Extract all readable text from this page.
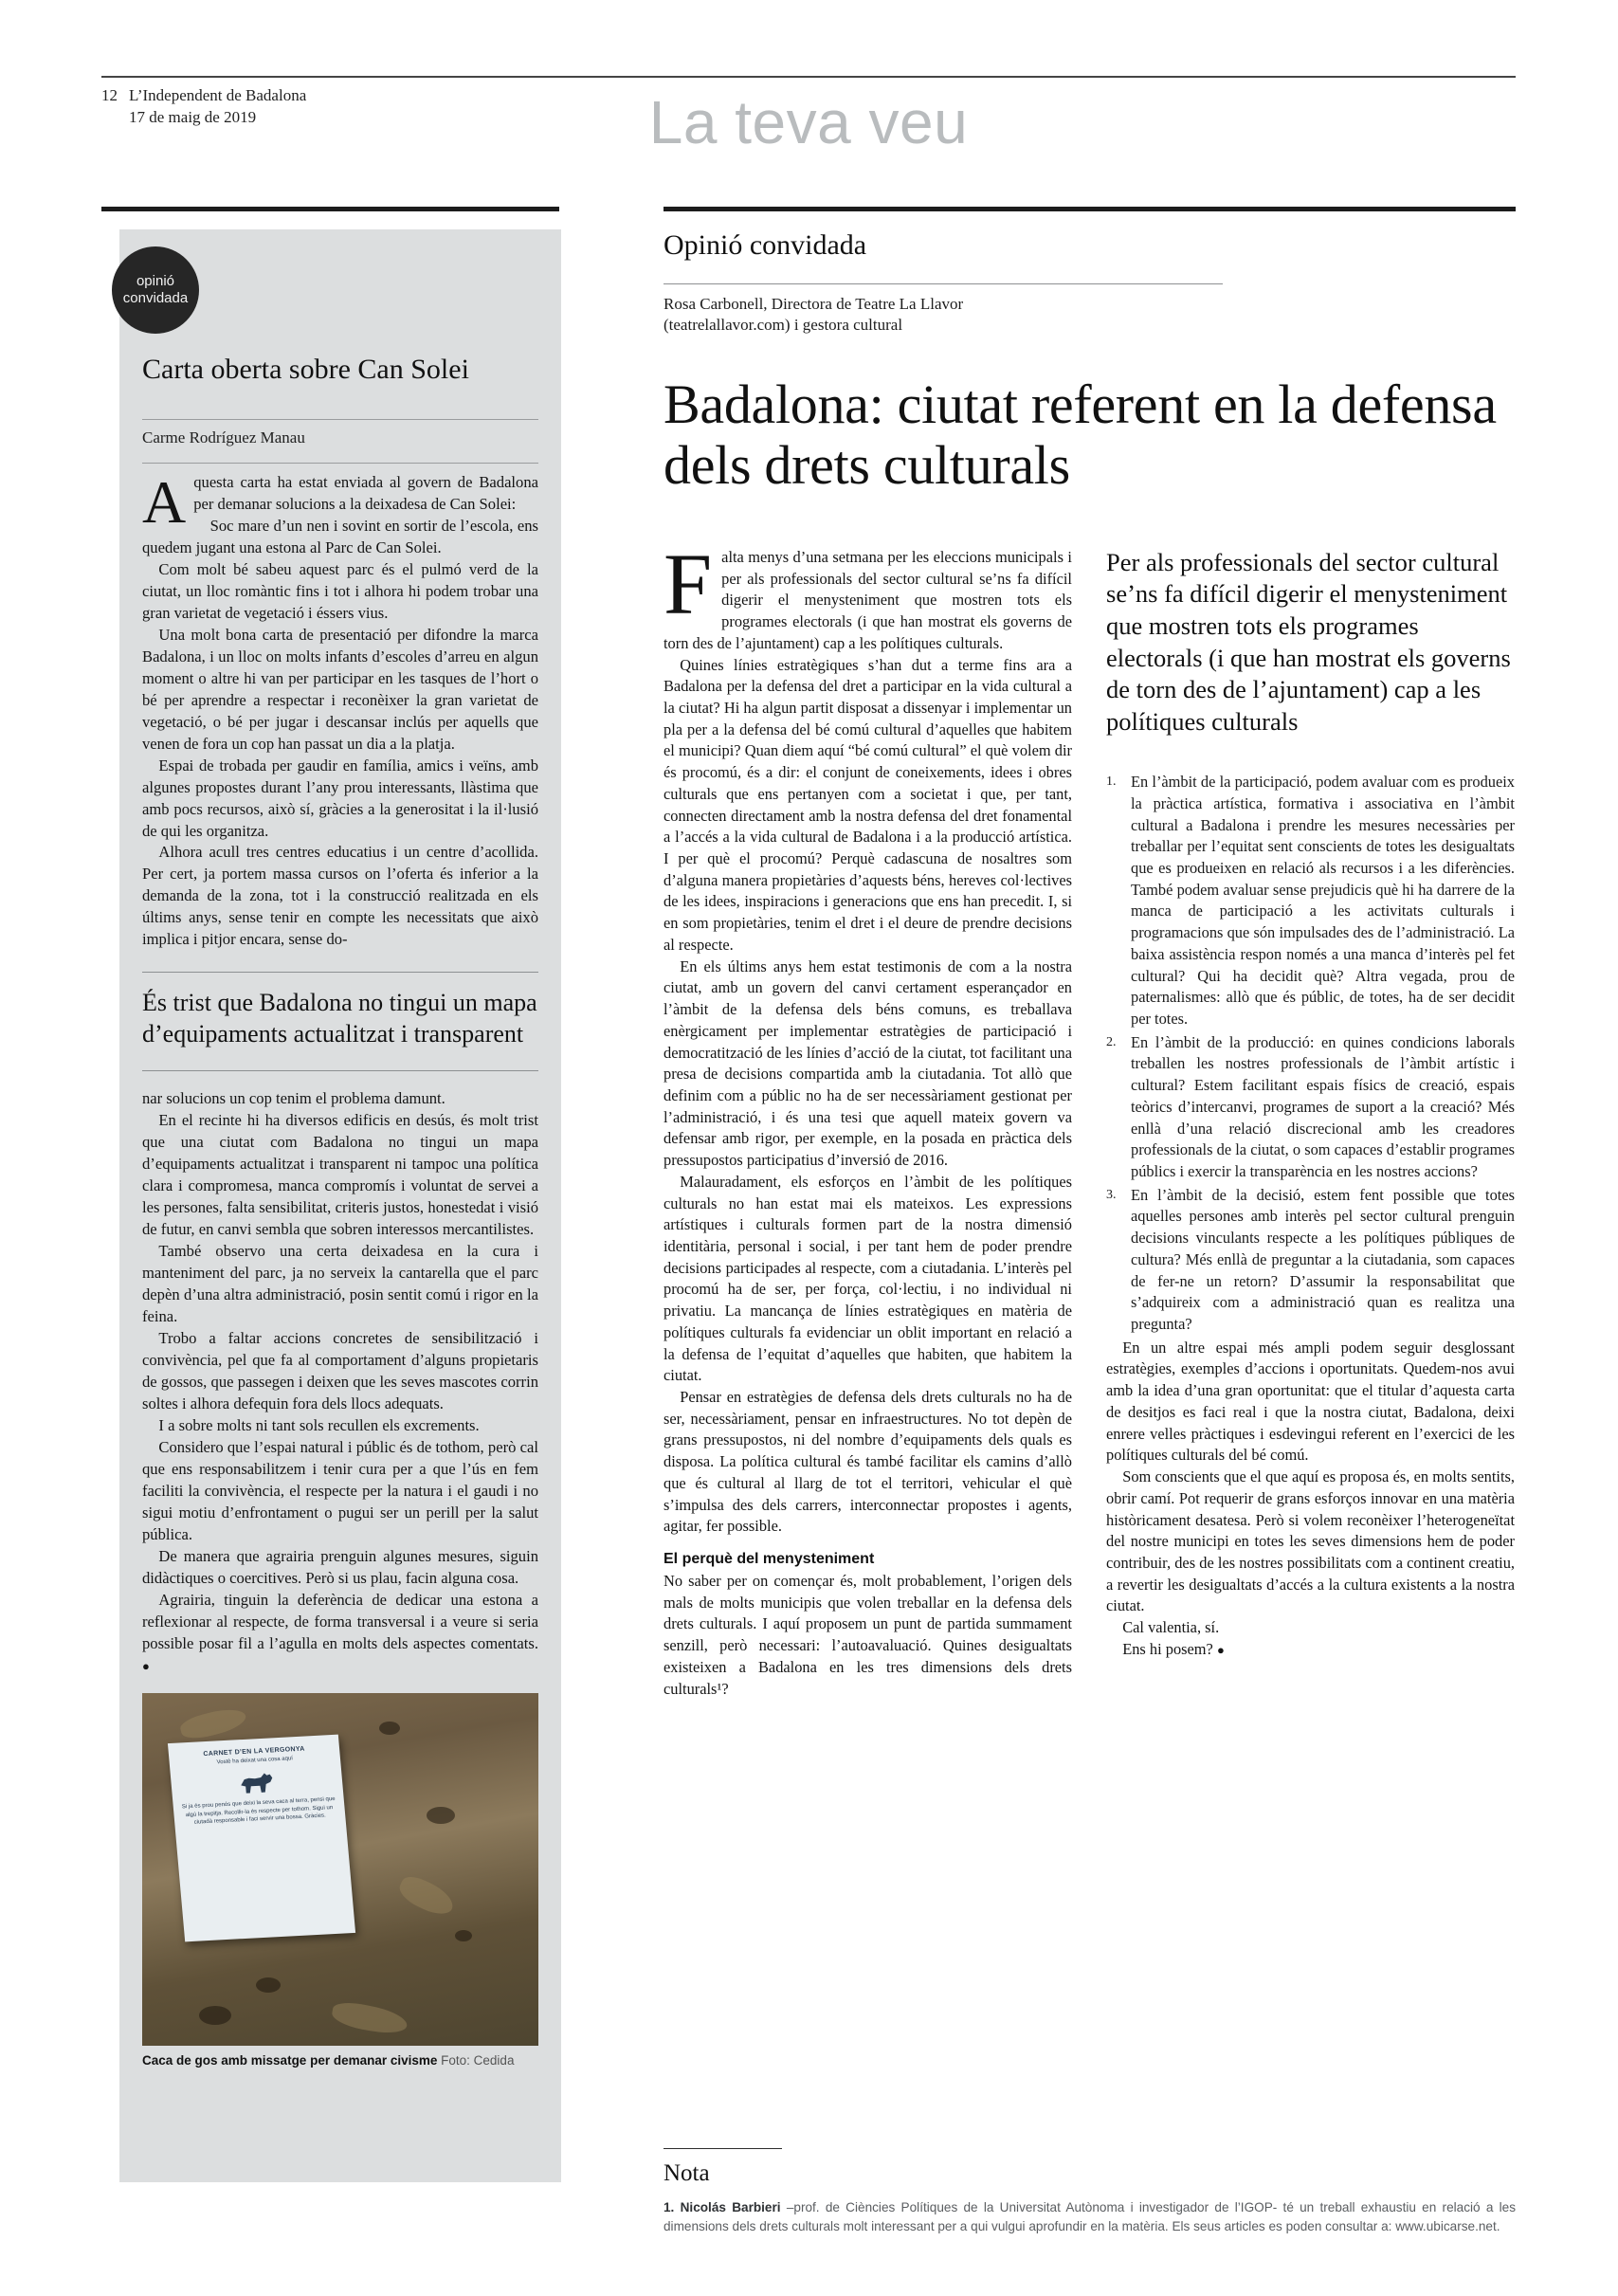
12 L’Independent de Badalona
17 de maig de 2019	La teva veu
opinió
convidada
Carta oberta sobre Can Solei
Carme Rodríguez Manau

Aquesta carta ha estat enviada al govern de Badalona per demanar solucions a la deixadesa de Can Solei:

Soc mare d’un nen i sovint en sortir de l’escola, ens quedem jugant una estona al Parc de Can Solei.

Com molt bé sabeu aquest parc és el pulmó verd de la ciutat, un lloc romàntic fins i tot i alhora hi podem trobar una gran varietat de vegetació i éssers vius.

Una molt bona carta de presentació per difondre la marca Badalona, i un lloc on molts infants d’escoles d’arreu en algun moment o altre hi van per participar en les tasques de l’hort o bé per aprendre a respectar i reconèixer la gran varietat de vegetació, o bé per jugar i descansar inclús per aquells que venen de fora un cop han passat un dia a la platja.

Espai de trobada per gaudir en família, amics i veïns, amb algunes propostes durant l’any prou interessants, llàstima que amb pocs recursos, això sí, gràcies a la generositat i la il·lusió de qui les organitza.

Alhora acull tres centres educatius i un centre d’acollida. Per cert, ja portem massa cursos on l’oferta és inferior a la demanda de la zona, tot i la construcció realitzada en els últims anys, sense tenir en compte les necessitats que això implica i pitjor encara, sense do-

És trist que Badalona no tingui un mapa d’equipaments actualitzat i transparent

nar solucions un cop tenim el problema damunt.

En el recinte hi ha diversos edificis en desús, és molt trist que una ciutat com Badalona no tingui un mapa d’equipaments actualitzat i transparent ni tampoc una política clara i compromesa, manca compromís i voluntat de servei a les persones, falta sensibilitat, criteris justos, honestedat i visió de futur, en canvi sembla que sobren interessos mercantilistes.

També observo una certa deixadesa en la cura i manteniment del parc, ja no serveix la cantarella que el parc depèn d’una altra administració, posin sentit comú i rigor en la feina.

Trobo a faltar accions concretes de sensibilització i convivència, pel que fa al comportament d’alguns propietaris de gossos, que passegen i deixen que les seves mascotes corrin soltes i alhora defequin fora dels llocs adequats.

I a sobre molts ni tant sols recullen els excrements.

Considero que l’espai natural i públic és de tothom, però cal que ens responsabilitzem i tenir cura per a que l’ús en fem faciliti la convivència, el respecte per la natura i el gaudi i no sigui motiu d’enfrontament o pugui ser un perill per la salut pública.

De manera que agrairia prenguin algunes mesures, siguin didàctiques o coercitives. Però si us plau, facin alguna cosa.

Agrairia, tinguin la deferència de dedicar una estona a reflexionar al respecte, de forma transversal i a veure si seria possible posar fil a l’agulla en molts dels aspectes comentats. ●

CARNET D’EN LA VERGONYA
Vostè ha deixat una cosa aquí
Si ja és prou penós que deixi la seva caca al terra, pensi que algú la trepitja. Recollir-la és respecte per tothom. Sigui un ciutadà responsable i faci servir una bossa. Gràcies.
Caca de gos amb missatge per demanar civisme Foto: Cedida
Opinió convidada
Rosa Carbonell, Directora de Teatre La Llavor
(teatrelallavor.com) i gestora cultural
Badalona: ciutat referent en la defensa dels drets culturals

Falta menys d’una setmana per les eleccions municipals i per als professionals del sector cultural se’ns fa difícil digerir el menysteniment que mostren tots els programes electorals (i que han mostrat els governs de torn des de l’ajuntament) cap a les polítiques culturals.

Quines línies estratègiques s’han dut a terme fins ara a Badalona per la defensa del dret a participar en la vida cultural a la ciutat? Hi ha algun partit disposat a dissenyar i implementar un pla per a la defensa del bé comú cultural d’aquelles que habitem el municipi? Quan diem aquí “bé comú cultural” el què volem dir és procomú, és a dir: el conjunt de coneixements, idees i obres culturals que ens pertanyen com a societat i que, per tant, connecten directament amb la nostra defensa del dret fonamental a l’accés a la vida cultural de Badalona i a la producció artística. I per què el procomú? Perquè cadascuna de nosaltres som d’alguna manera propietàries d’aquests béns, hereves col·lectives de les idees, inspiracions i generacions que ens han precedit. I, si en som propietàries, tenim el dret i el deure de prendre decisions al respecte.

En els últims anys hem estat testimonis de com a la nostra ciutat, amb un govern del canvi certament esperançador en l’àmbit de la defensa dels béns comuns, es treballava enèrgicament per implementar estratègies de participació i democratització de les línies d’acció de la ciutat, tot facilitant una presa de decisions compartida amb la ciutadania. Tot allò que definim com a públic no ha de ser necessàriament gestionat per l’administració, i és una tesi que aquell mateix govern va defensar amb rigor, per exemple, en la posada en pràctica dels pressupostos participatius d’inversió de 2016.

Malauradament, els esforços en l’àmbit de les polítiques culturals no han estat mai els mateixos. Les expressions artístiques i culturals formen part de la nostra dimensió identitària, personal i social, i per tant hem de poder prendre decisions participades al respecte, com a ciutadania. L’interès pel procomú ha de ser, per força, col·lectiu, i no individual ni privatiu. La mancança de línies estratègiques en matèria de polítiques culturals fa evidenciar un oblit important en relació a la defensa de l’equitat d’aquelles que habiten, que habitem la ciutat.

Pensar en estratègies de defensa dels drets culturals no ha de ser, necessàriament, pensar en infraestructures. No tot depèn de grans pressupostos, ni del nombre d’equipaments dels quals es disposa. La política cultural és també facilitar els camins d’allò que és cultural al llarg de tot el territori, vehicular el què s’impulsa des dels carrers, interconnectar propostes i agents, agitar, fer possible.

El perquè del menysteniment

No saber per on començar és, molt probablement, l’origen dels mals de molts municipis que volen treballar en la defensa dels drets culturals. I aquí proposem un punt de partida summament senzill, però necessari: l’autoavaluació. Quines desigualtats existeixen a Badalona en les tres dimensions dels drets culturals¹?

Per als professionals del sector cultural se’ns fa difícil digerir el menysteniment que mostren tots els programes electorals (i que han mostrat els governs de torn des de l’ajuntament) cap a les polítiques culturals
En l’àmbit de la participació, podem avaluar com es produeix la pràctica artística, formativa i associativa en l’àmbit cultural a Badalona i prendre les mesures necessàries per treballar per l’equitat sent conscients de totes les desigualtats que es produeixen en relació als recursos i a les diferències. També podem avaluar sense prejudicis què hi ha darrere de la manca de participació a les activitats culturals i programacions que són impulsades des de l’administració. La baixa assistència respon només a una manca d’interès pel fet cultural? Qui ha decidit què? Altra vegada, prou de paternalismes: allò que és públic, de totes, ha de ser decidit per totes.
En l’àmbit de la producció: en quines condicions laborals treballen les nostres professionals de l’àmbit artístic i cultural? Estem facilitant espais físics de creació, espais teòrics d’intercanvi, programes de suport a la creació? Més enllà d’una relació discrecional amb les creadores professionals de la ciutat, o som capaces d’establir programes públics i exercir la transparència en les nostres accions?
En l’àmbit de la decisió, estem fent possible que totes aquelles persones amb interès pel sector cultural prenguin decisions vinculants respecte a les polítiques públiques de cultura? Més enllà de preguntar a la ciutadania, som capaces de fer-ne un retorn? D’assumir la responsabilitat que s’adquireix com a administració quan es realitza una pregunta?

En un altre espai més ampli podem seguir desglossant estratègies, exemples d’accions i oportunitats. Quedem-nos avui amb la idea d’una gran oportunitat: que el titular d’aquesta carta de desitjos es faci real i que la nostra ciutat, Badalona, deixi enrere velles pràctiques i esdevingui referent en l’exercici de les polítiques culturals del bé comú.

Som conscients que el que aquí es proposa és, en molts sentits, obrir camí. Pot requerir de grans esforços innovar en una matèria històricament desatesa. Però si volem reconèixer l’heterogeneïtat del nostre municipi en totes les seves dimensions hem de poder contribuir, des de les nostres possibilitats com a continent creatiu, a revertir les desigualtats d’accés a la cultura existents a la nostra ciutat.

Cal valentia, sí.

Ens hi posem? ●

Nota
1. Nicolás Barbieri –prof. de Ciències Polítiques de la Universitat Autònoma i investigador de l’IGOP- té un treball exhaustiu en relació a les dimensions dels drets culturals molt interessant per a qui vulgui aprofundir en la matèria. Els seus articles es poden consultar a: www.ubicarse.net.
